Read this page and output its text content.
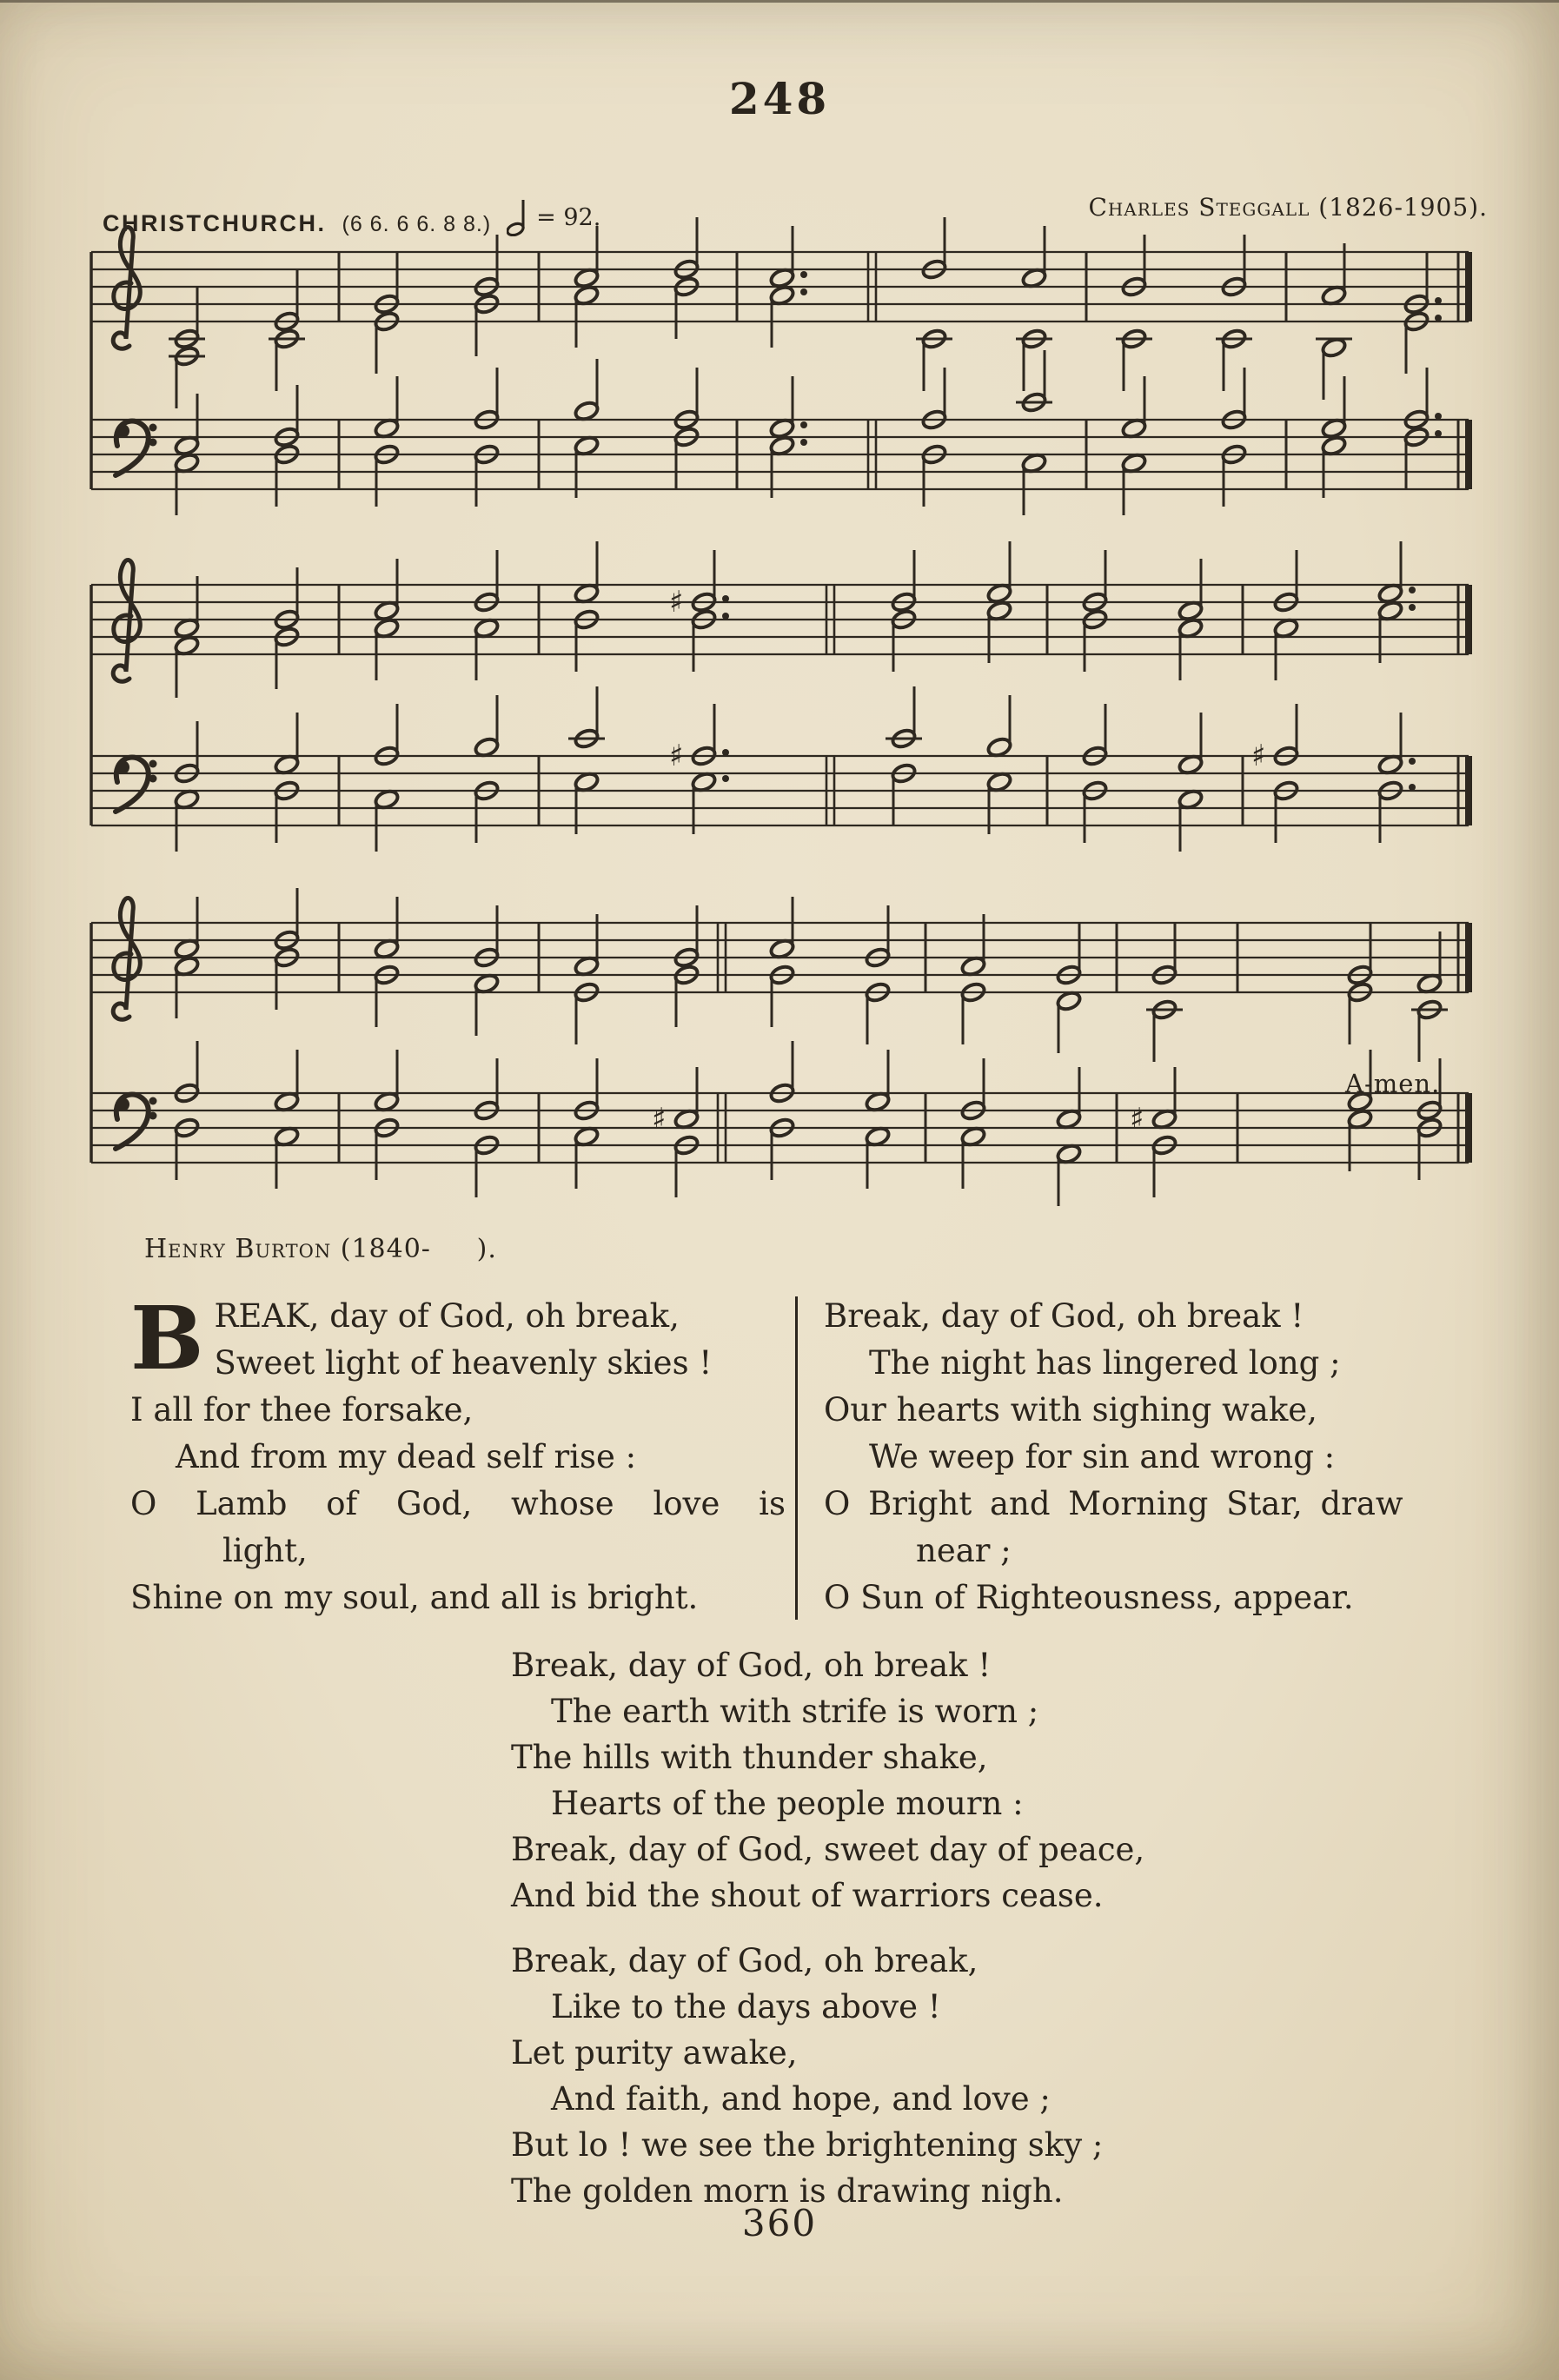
248
CHRISTCHURCH. (6 6. 6 6. 8 8.) = 92.	Charles Steggall (1826-1905).
♯
♯	♯
♯	♯
A-men.
Henry Burton (1840-     ).
B REAK, day of God, oh break,
Sweet light of heavenly skies !
I all for thee forsake,
And from my dead self rise :
O Lamb of God, whose love is
light,
Shine on my soul, and all is bright.
Break, day of God, oh break !
The night has lingered long ;
Our hearts with sighing wake,
We weep for sin and wrong :
O Bright and Morning Star, draw
near ;
O Sun of Righteousness, appear.
Break, day of God, oh break !
The earth with strife is worn ;
The hills with thunder shake,
Hearts of the people mourn :
Break, day of God, sweet day of peace,
And bid the shout of warriors cease.
Break, day of God, oh break,
Like to the days above !
Let purity awake,
And faith, and hope, and love ;
But lo ! we see the brightening sky ;
The golden morn is drawing nigh.
360
